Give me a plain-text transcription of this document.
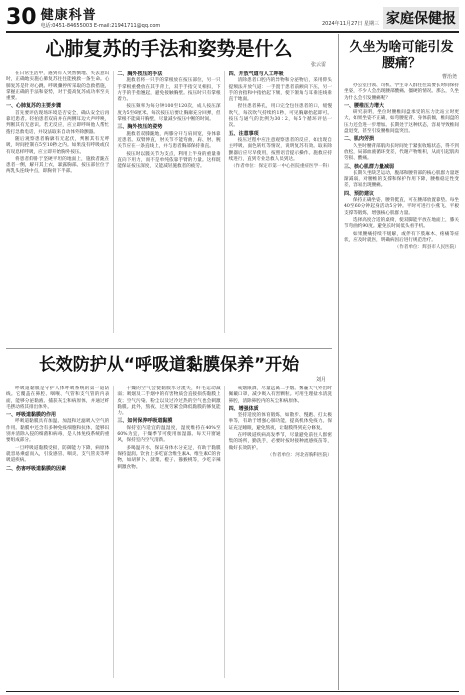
30 健康科普
电话:0451-84655003 E-mail:21941711@qq.com	2024年11月27日 星期三 家庭保健报
心肺复苏的手法和姿势是什么
张云雷

在日常生活中，遇到有人突然倒地、失去意识时，正确地实施心肺复苏往往能挽救一条生命。心肺复苏是针对心跳、呼吸骤停所采取的急救措施，掌握正确的手法和姿势，对于提高复苏成功率至关重要。

一、心肺复苏的主要步骤

首先要评估现场环境是否安全，确认安全后再靠近患者。轻拍患者双肩并在两侧耳边大声呼唤，判断其有无意识。若无反应，应立即呼叫他人帮忙拨打急救电话，并设法取来自动体外除颤器。

随后观察患者胸廓有无起伏，判断其有无呼吸，时间控制在5至10秒之内。如果没有呼吸或仅有叹息样呼吸，应立即开始胸外按压。

将患者仰卧于坚硬平坦的地面上，施救者跪在患者一侧，解开其上衣，暴露胸部。按压部位位于两乳头连线中点，即胸骨下半部。

二、胸外按压的手法

施救者将一只手的掌根放在按压部位，另一只手掌根重叠放在其手背上，双手手指交叉相扣，下方手的手指翘起，避免接触胸壁。按压时只有掌根着力。

按压频率为每分钟100至120次，成人按压深度为5至6厘米。每次按压后要让胸廓充分回弹，但掌根不能离开胸壁，尽量减少按压中断的时间。

三、胸外按压的姿势

施救者双膝跪地，两膝分开与肩同宽，身体靠近患者。双臂伸直，肘关节不能弯曲，肩、肘、腕关节应在一条直线上，并与患者胸部保持垂直。

按压时以髋关节为支点，利用上半身的重量垂直向下用力，而不是单纯依靠手臂的力量。这样既能保证按压深度，又能减轻施救者的疲劳。

四、开放气道与人工呼吸

清除患者口腔内的异物和分泌物后，采用仰头提颏法开放气道：一手置于患者前额向下压，另一手的食指和中指抬起下颏，使下颌角与耳垂连线垂直于地面。

捏住患者鼻孔，用口完全包住患者的口，缓慢吹气，每次吹气持续约1秒，可见胸廓抬起即可。按压与通气的比例为30∶2，每5个循环评估一次。

五、注意事项

按压过程中应注意观察患者的反应，如出现自主呼吸、面色转红等情况，说明复苏有效。取来除颤器后应尽早使用，按照语音提示操作。施救应持续进行，直到专业急救人员到达。

（作者单位：保定市第一中心医院重症医学一科）

长效防护从“呼吸道黏膜保养”开始
刘月

呼吸道黏膜是守护人体呼吸系统的第一道防线。它覆盖在鼻腔、咽喉、气管和支气管的内表面，能够分泌黏液、捕获灰尘和病原体，并通过纤毛摆动将其排出体外。

一、呼吸道黏膜的作用

呼吸道黏膜具有加温、加湿和过滤吸入空气的作用。黏膜中还含有多种免疫细胞和抗体，能够识别并清除入侵的细菌和病毒，是人体免疫系统的重要组成部分。

一旦呼吸道黏膜受损，防御能力下降，病原体就容易乘虚而入，引发感冒、咽炎、支气管炎等呼吸道疾病。

二、伤害呼吸道黏膜的因素

干燥的空气会使黏膜水分流失，纤毛运动减弱；吸烟及二手烟中的有害物质会直接损伤黏膜上皮；空气污染、粉尘以及过冷过热的空气也会刺激黏膜。此外，熬夜、过度劳累会降低黏膜的修复能力。

三、如何保养呼吸道黏膜

保持室内适宜的温湿度，湿度维持在40%至60%为宜，干燥季节可使用加湿器。每天开窗通风，保持室内空气清新。

多喝温开水，保证身体水分充足，有助于黏膜保持湿润。饮食上多吃富含维生素A、维生素C的食物，如胡萝卜、菠菜、橙子、猕猴桃等，少吃辛辣刺激食物。

戒烟限酒，尽量远离二手烟。雾霾天气外出时佩戴口罩，减少吸入有害颗粒。可用生理盐水清洗鼻腔，清除鼻腔内的灰尘和病原体。

四、增强体质

坚持适度的体育锻炼，如散步、慢跑、打太极拳等，有助于增强心肺功能，提高机体免疫力。保证充足睡眠，避免熬夜，让黏膜得到充分修复。

在呼吸道疾病高发季节，尽量避免前往人群密集的场所，勤洗手，必要时按时接种流感疫苗等，做好长效防护。

（作者单位：河北省胸科医院）

久坐为啥可能引发腰痛？
曹治尧

办公室白领、司机、学生等人群往往需要长时间保持坐姿，不少人会出现腰部酸痛、僵硬的情况。那么，久坐为什么会引发腰痛呢？

一、腰椎压力增大

研究表明，坐位时腰椎间盘承受的压力比站立时更大，如果坐姿不正确，如弯腰驼背、身体前倾，椎间盘的压力还会进一步增加。长期处于这种状态，容易导致椎间盘退变，甚至引发腰椎间盘突出。

二、肌肉劳损

久坐时腰背部肌肉长时间处于紧张收缩状态，得不到放松，局部血液循环变差，代谢产物堆积，从而引起肌肉劳损、酸痛。

三、核心肌群力量减弱

长期久坐缺乏运动，腹部和腰背部的核心肌群力量逐渐减弱，对腰椎的支撑和保护作用下降，腰椎稳定性变差，容易出现腰痛。

四、预防建议

保持正确坐姿，腰背挺直，可在腰部放置靠垫。每坐40至60分钟起身活动5分钟。平时可进行小燕飞、平板支撑等锻炼，增强核心肌群力量。

选择高度合适的桌椅，使双脚能平放在地面上，膝关节弯曲约90度。避免长时间低头看手机。

如果腰痛持续不缓解，或伴有下肢麻木、疼痛等症状，应及时就医，明确病因后进行规范治疗。

（作者单位：辉县市人民医院）
